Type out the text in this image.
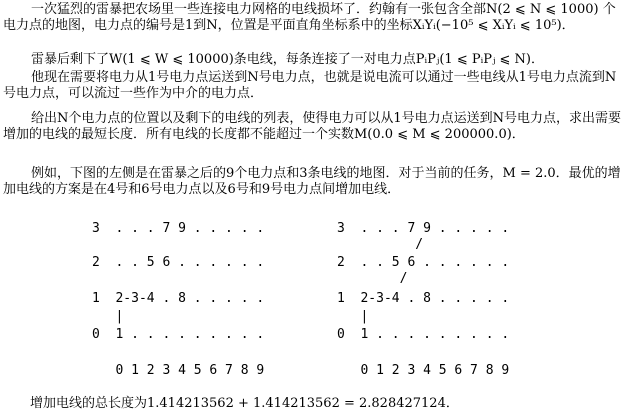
一次猛烈的雷暴把农场里一些连接电力网格的电线损坏了．约翰有一张包含全部N(2 ⩽ N ⩽ 1000) 个电力点的地图，电力点的编号是1到N，位置是平面直角坐标系中的坐标XᵢYᵢ(−10⁵ ⩽ XᵢYᵢ ⩽ 10⁵)．
雷暴后剩下了W(1 ⩽ W ⩽ 10000)条电线，每条连接了一对电力点PᵢPⱼ(1 ⩽ PᵢPⱼ ⩽ N)．
他现在需要将电力从1号电力点运送到N号电力点，也就是说电流可以通过一些电线从1号电力点流到N号电力点，可以流过一些作为中介的电力点．
给出N个电力点的位置以及剩下的电线的列表，使得电力可以从1号电力点运送到N号电力点，求出需要增加的电线的最短长度．所有电线的长度都不能超过一个实数M(0.0 ⩽ M ⩽ 200000.0)．
例如，下图的左侧是在雷暴之后的9个电力点和3条电线的地图．对于当前的任务，M = 2.0．最优的增加电线的方案是在4号和6号电力点以及6号和9号电力点间增加电线．

3  . . . 7 9 . . . . .

2  . . 5 6 . . . . . .

1  2-3-4 . 8 . . . . .

|

0  1 . . . . . . . . .

0 1 2 3 4 5 6 7 8 9

3  . . . 7 9 . . . . .

/

2  . . 5 6 . . . . . .

/

1  2-3-4 . 8 . . . . .

|

0  1 . . . . . . . . .

0 1 2 3 4 5 6 7 8 9

增加电线的总长度为1.414213562 + 1.414213562 = 2.828427124．
